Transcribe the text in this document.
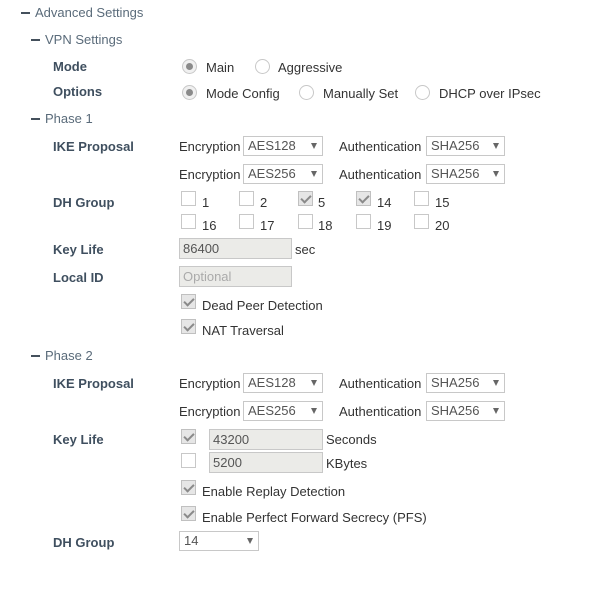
Advanced Settings
VPN Settings
Mode	Main	Aggressive
Options	Mode Config	Manually Set	DHCP over IPsec
Phase 1
IKE Proposal	Encryption AES128	Authentication SHA256
Encryption AES256	Authentication SHA256
DH Group	1	2	5	14	15
16	17	18	19	20
Key Life	86400	sec
Local ID	Optional
Dead Peer Detection
NAT Traversal
Phase 2
IKE Proposal	Encryption AES128	Authentication SHA256
Encryption AES256	Authentication SHA256
Key Life	43200	Seconds
5200	KBytes
Enable Replay Detection
Enable Perfect Forward Secrecy (PFS)
DH Group	14
